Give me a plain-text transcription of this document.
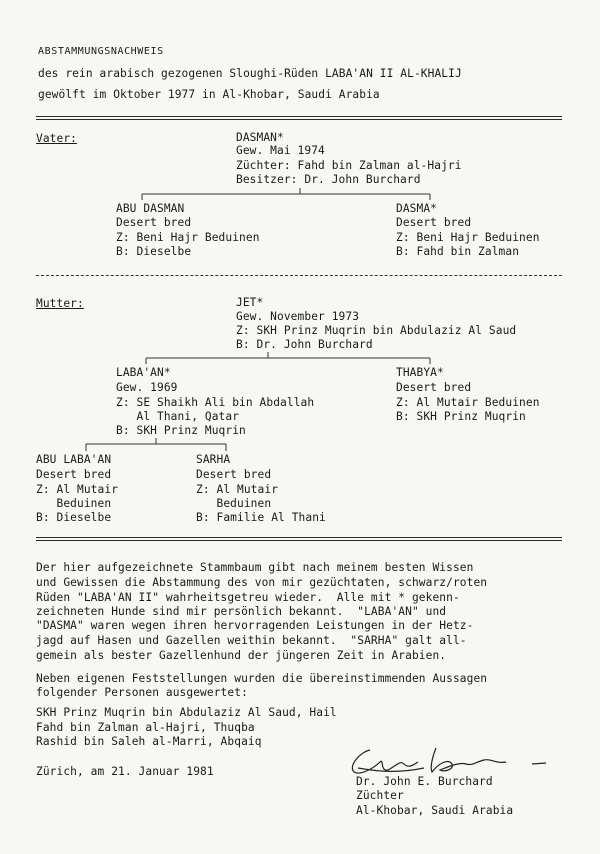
ABSTAMMUNGSNACHWEIS
des rein arabisch gezogenen Sloughi-Rüden LABA'AN II AL-KHALIJ
gewölft im Oktober 1977 in Al-Khobar, Saudi Arabia
Vater:	DASMAN*
Gew. Mai 1974
Züchter: Fahd bin Zalman al-Hajri
Besitzer: Dr. John Burchard
ABU DASMAN
Desert bred
Z: Beni Hajr Beduinen
B: Dieselbe
DASMA*
Desert bred
Z: Beni Hajr Beduinen
B: Fahd bin Zalman
Mutter:	JET*
Gew. November 1973
Z: SKH Prinz Muqrin bin Abdulaziz Al Saud
B: Dr. John Burchard
LABA'AN*
Gew. 1969
Z: SE Shaikh Ali bin Abdallah
Al Thani, Qatar
B: SKH Prinz Muqrin
THABYA*
Desert bred
Z: Al Mutair Beduinen
B: SKH Prinz Muqrin
ABU LABA'AN
Desert bred
Z: Al Mutair
Beduinen
B: Dieselbe
SARHA
Desert bred
Z: Al Mutair
Beduinen
B: Familie Al Thani
Der hier aufgezeichnete Stammbaum gibt nach meinem besten Wissen
und Gewissen die Abstammung des von mir gezüchtaten, schwarz/roten
Rüden "LABA'AN II" wahrheitsgetreu wieder.  Alle mit * gekenn-
zeichneten Hunde sind mir persönlich bekannt.  "LABA'AN" und
"DASMA" waren wegen ihren hervorragenden Leistungen in der Hetz-
jagd auf Hasen und Gazellen weithin bekannt.  "SARHA" galt all-
gemein als bester Gazellenhund der jüngeren Zeit in Arabien.
Neben eigenen Feststellungen wurden die übereinstimmenden Aussagen
folgender Personen ausgewertet:
SKH Prinz Muqrin bin Abdulaziz Al Saud, Hail
Fahd bin Zalman al-Hajri, Thuqba
Rashid bin Saleh al-Marri, Abqaiq
Zürich, am 21. Januar 1981
Dr. John E. Burchard
Züchter
Al-Khobar, Saudi Arabia
